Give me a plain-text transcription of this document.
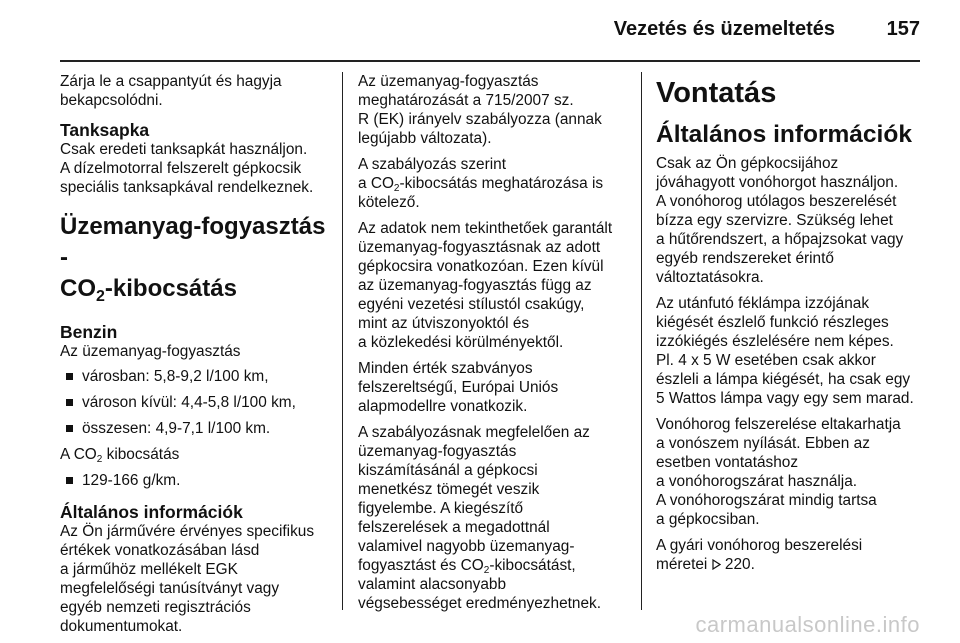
Vezetés és üzemeltetés	157

Zárja le a csappantyút és hagyja
bekapcsolódni.

Tanksapka

Csak eredeti tanksapkát használjon.
A dízelmotorral felszerelt gépkocsik
speciális tanksapkával rendelkeznek.

Üzemanyag-fogyasztás -
$CO_2$-kibocsátás
Benzin

Az üzemanyag-fogyasztás

városban: 5,8-9,2 l/100 km,
városon kívül: 4,4-5,8 l/100 km,
összesen: 4,9-7,1 l/100 km.

A $CO_2$ kibocsátás

129-166 g/km.
Általános információk

Az Ön járművére érvényes specifikus
értékek vonatkozásában lásd
a járműhöz mellékelt EGK
megfelelőségi tanúsítványt vagy
egyéb nemzeti regisztrációs
dokumentumokat.

Az üzemanyag-fogyasztás
meghatározását a 715/2007 sz.
R (EK) irányelv szabályozza (annak
legújabb változata).

A szabályozás szerint
a $CO_2$-kibocsátás meghatározása is
kötelező.

Az adatok nem tekinthetőek garantált
üzemanyag-fogyasztásnak az adott
gépkocsira vonatkozóan. Ezen kívül
az üzemanyag-fogyasztás függ az
egyéni vezetési stílustól csakúgy,
mint az útviszonyoktól és
a közlekedési körülményektől.

Minden érték szabványos
felszereltségű, Európai Uniós
alapmodellre vonatkozik.

A szabályozásnak megfelelően az
üzemanyag-fogyasztás
kiszámításánál a gépkocsi
menetkész tömegét veszik
figyelembe. A kiegészítő
felszerelések a megadottnál
valamivel nagyobb üzemanyag-
fogyasztást és $CO_2$-kibocsátást,
valamint alacsonyabb
végsebességet eredményezhetnek.

Vontatás
Általános információk

Csak az Ön gépkocsijához
jóváhagyott vonóhorgot használjon.
A vonóhorog utólagos beszerelését
bízza egy szervizre. Szükség lehet
a hűtőrendszert, a hőpajzsokat vagy
egyéb rendszereket érintő
változtatásokra.

Az utánfutó féklámpa izzójának
kiégését észlelő funkció részleges
izzókiégés észlelésére nem képes.
Pl. 4 x 5 W esetében csak akkor
észleli a lámpa kiégését, ha csak egy
5 Wattos lámpa vagy egy sem marad.

Vonóhorog felszerelése eltakarhatja
a vonószem nyílását. Ebben az
esetben vontatáshoz
a vonóhorogszárat használja.
A vonóhorogszárat mindig tartsa
a gépkocsiban.

A gyári vonóhorog beszerelési
méretei  220.

carmanualsonline.info
